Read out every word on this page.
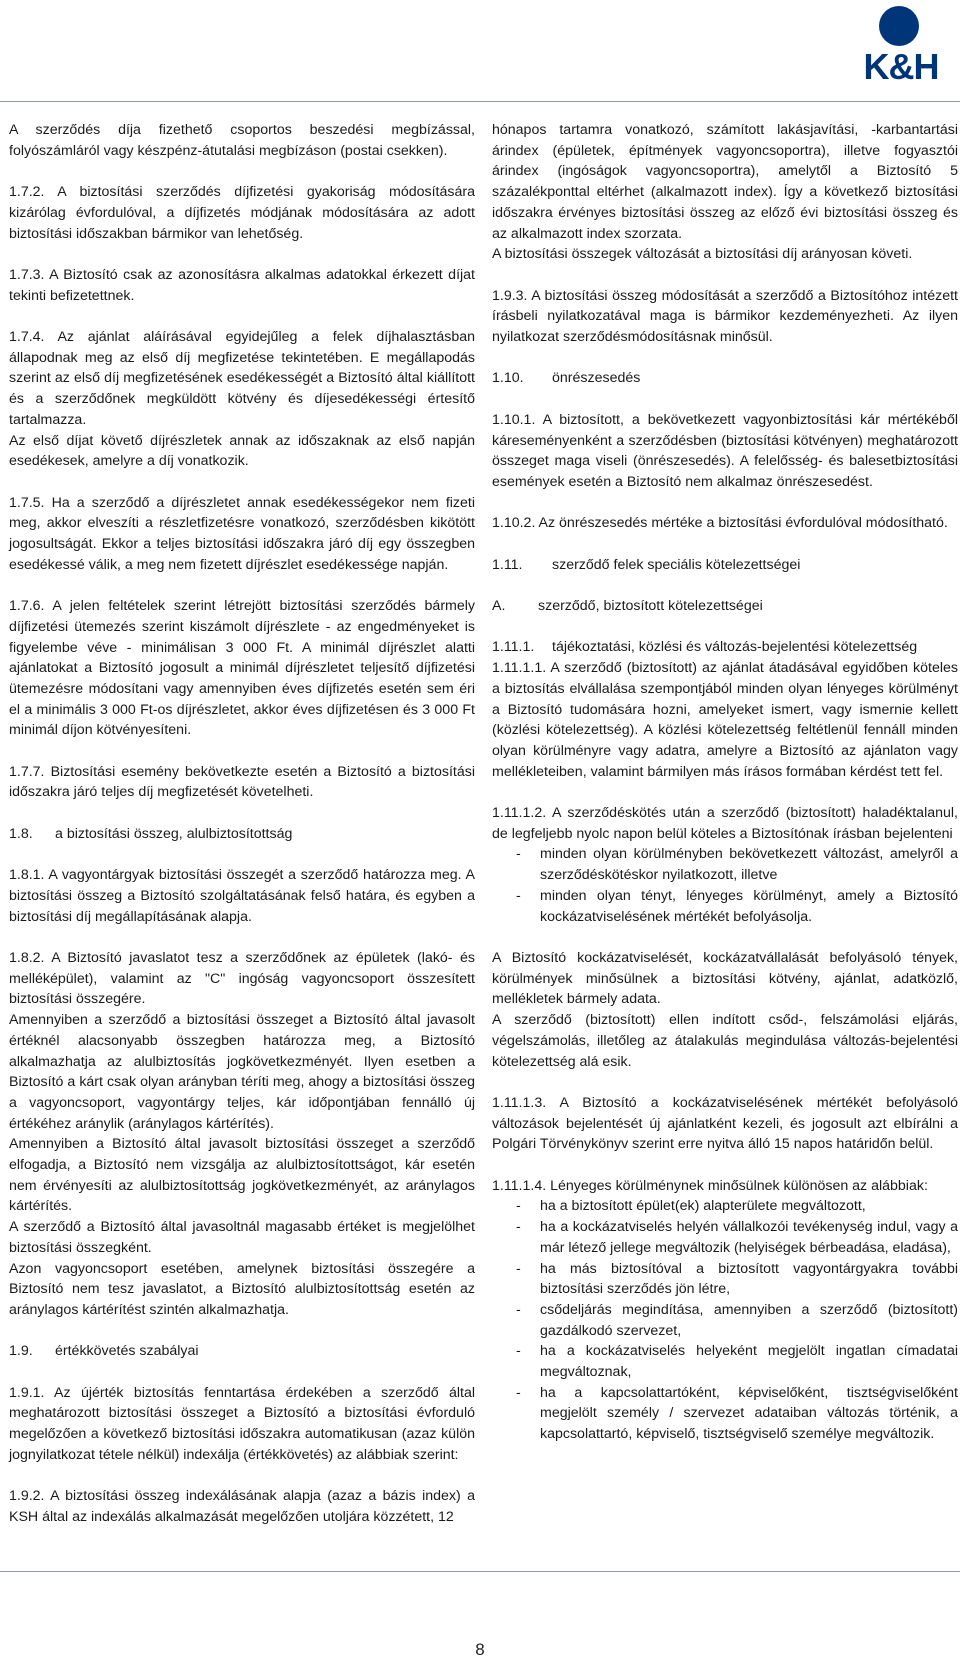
K&H
A szerződés díja fizethető csoportos beszedési megbízással, folyószámláról vagy készpénz-átutalási megbízáson (postai csekken).
1.7.2. A biztosítási szerződés díjfizetési gyakoriság módosítására kizárólag évfordulóval, a díjfizetés módjának módosítására az adott biztosítási időszakban bármikor van lehetőség.
1.7.3. A Biztosító csak az azonosításra alkalmas adatokkal érkezett díjat tekinti befizetettnek.
1.7.4. Az ajánlat aláírásával egyidejűleg a felek díjhalasztásban állapodnak meg az első díj megfizetése tekintetében. E megállapodás szerint az első díj megfizetésének esedékességét a Biztosító által kiállított és a szerződőnek megküldött kötvény és díjesedékességi értesítő tartalmazza.
Az első díjat követő díjrészletek annak az időszaknak az első napján esedékesek, amelyre a díj vonatkozik.
1.7.5. Ha a szerződő a díjrészletet annak esedékességekor nem fizeti meg, akkor elveszíti a részletfizetésre vonatkozó, szerződésben kikötött jogosultságát. Ekkor a teljes biztosítási időszakra járó díj egy összegben esedékessé válik, a meg nem fizetett díjrészlet esedékessége napján.
1.7.6. A jelen feltételek szerint létrejött biztosítási szerződés bármely díjfizetési ütemezés szerint kiszámolt díjrészlete - az engedményeket is figyelembe véve - minimálisan 3 000 Ft. A minimál díjrészlet alatti ajánlatokat a Biztosító jogosult a minimál díjrészletet teljesítő díjfizetési ütemezésre módosítani vagy amennyiben éves díjfizetés esetén sem éri el a minimális 3 000 Ft-os díjrészletet, akkor éves díjfizetésen és 3 000 Ft minimál díjon kötvényesíteni.
1.7.7. Biztosítási esemény bekövetkezte esetén a Biztosító a biztosítási időszakra járó teljes díj megfizetését követelheti.
1.8. a biztosítási összeg, alulbiztosítottság
1.8.1. A vagyontárgyak biztosítási összegét a szerződő határozza meg. A biztosítási összeg a Biztosító szolgáltatásának felső határa, és egyben a biztosítási díj megállapításának alapja.
1.8.2. A Biztosító javaslatot tesz a szerződőnek az épületek (lakó- és melléképület), valamint az "C" ingóság vagyoncsoport összesített biztosítási összegére.
Amennyiben a szerződő a biztosítási összeget a Biztosító által javasolt értéknél alacsonyabb összegben határozza meg, a Biztosító alkalmazhatja az alulbiztosítás jogkövetkezményét. Ilyen esetben a Biztosító a kárt csak olyan arányban téríti meg, ahogy a biztosítási összeg a vagyoncsoport, vagyontárgy teljes, kár időpontjában fennálló új értékéhez aránylik (aránylagos kártérítés).
Amennyiben a Biztosító által javasolt biztosítási összeget a szerződő elfogadja, a Biztosító nem vizsgálja az alulbiztosítottságot, kár esetén nem érvényesíti az alulbiztosítottság jogkövetkezményét, az aránylagos kártérítés.
A szerződő a Biztosító által javasoltnál magasabb értéket is megjelölhet biztosítási összegként.
Azon vagyoncsoport esetében, amelynek biztosítási összegére a Biztosító nem tesz javaslatot, a Biztosító alulbiztosítottság esetén az aránylagos kártérítést szintén alkalmazhatja.
1.9. értékkövetés szabályai
1.9.1. Az újérték biztosítás fenntartása érdekében a szerződő által meghatározott biztosítási összeget a Biztosító a biztosítási évforduló megelőzően a következő biztosítási időszakra automatikusan (azaz külön jognyilatkozat tétele nélkül) indexálja (értékkövetés) az alábbiak szerint:
1.9.2. A biztosítási összeg indexálásának alapja (azaz a bázis index) a KSH által az indexálás alkalmazását megelőzően utoljára közzétett, 12
hónapos tartamra vonatkozó, számított lakásjavítási, -karbantartási árindex (épületek, építmények vagyoncsoportra), illetve fogyasztói árindex (ingóságok vagyoncsoportra), amelytől a Biztosító 5 százalékponttal eltérhet (alkalmazott index). Így a következő biztosítási időszakra érvényes biztosítási összeg az előző évi biztosítási összeg és az alkalmazott index szorzata.
A biztosítási összegek változását a biztosítási díj arányosan követi.
1.9.3. A biztosítási összeg módosítását a szerződő a Biztosítóhoz intézett írásbeli nyilatkozatával maga is bármikor kezdeményezheti. Az ilyen nyilatkozat szerződésmódosításnak minősül.
1.10. önrészesedés
1.10.1. A biztosított, a bekövetkezett vagyonbiztosítási kár mértékéből káreseményenként a szerződésben (biztosítási kötvényen) meghatározott összeget maga viseli (önrészesedés). A felelősség- és balesetbiztosítási események esetén a Biztosító nem alkalmaz önrészesedést.
1.10.2. Az önrészesedés mértéke a biztosítási évfordulóval módosítható.
1.11. szerződő felek speciális kötelezettségei
A. szerződő, biztosított kötelezettségei
1.11.1. tájékoztatási, közlési és változás-bejelentési kötelezettség
1.11.1.1. A szerződő (biztosított) az ajánlat átadásával egyidőben köteles a biztosítás elvállalása szempontjából minden olyan lényeges körülményt a Biztosító tudomására hozni, amelyeket ismert, vagy ismernie kellett (közlési kötelezettség). A közlési kötelezettség feltétlenül fennáll minden olyan körülményre vagy adatra, amelyre a Biztosító az ajánlaton vagy mellékleteiben, valamint bármilyen más írásos formában kérdést tett fel.
1.11.1.2. A szerződéskötés után a szerződő (biztosított) haladéktalanul, de legfeljebb nyolc napon belül köteles a Biztosítónak írásban bejelenteni
- minden olyan körülményben bekövetkezett változást, amelyről a szerződéskötéskor nyilatkozott, illetve
- minden olyan tényt, lényeges körülményt, amely a Biztosító kockázatviselésének mértékét befolyásolja.
A Biztosító kockázatviselését, kockázatvállalását befolyásoló tények, körülmények minősülnek a biztosítási kötvény, ajánlat, adatközlő, mellékletek bármely adata.
A szerződő (biztosított) ellen indított csőd-, felszámolási eljárás, végelszámolás, illetőleg az átalakulás megindulása változás-bejelentési kötelezettség alá esik.
1.11.1.3. A Biztosító a kockázatviselésének mértékét befolyásoló változások bejelentését új ajánlatként kezeli, és jogosult azt elbírálni a Polgári Törvénykönyv szerint erre nyitva álló 15 napos határidőn belül.
1.11.1.4. Lényeges körülménynek minősülnek különösen az alábbiak:
- ha a biztosított épület(ek) alapterülete megváltozott,
- ha a kockázatviselés helyén vállalkozói tevékenység indul, vagy a már létező jellege megváltozik (helyiségek bérbeadása, eladása),
- ha más biztosítóval a biztosított vagyontárgyakra további biztosítási szerződés jön létre,
- csődeljárás megindítása, amennyiben a szerződő (biztosított) gazdálkodó szervezet,
- ha a kockázatviselés helyeként megjelölt ingatlan címadatai megváltoznak,
- ha a kapcsolattartóként, képviselőként, tisztségviselőként megjelölt személy / szervezet adataiban változás történik, a kapcsolattartó, képviselő, tisztségviselő személye megváltozik.
8
